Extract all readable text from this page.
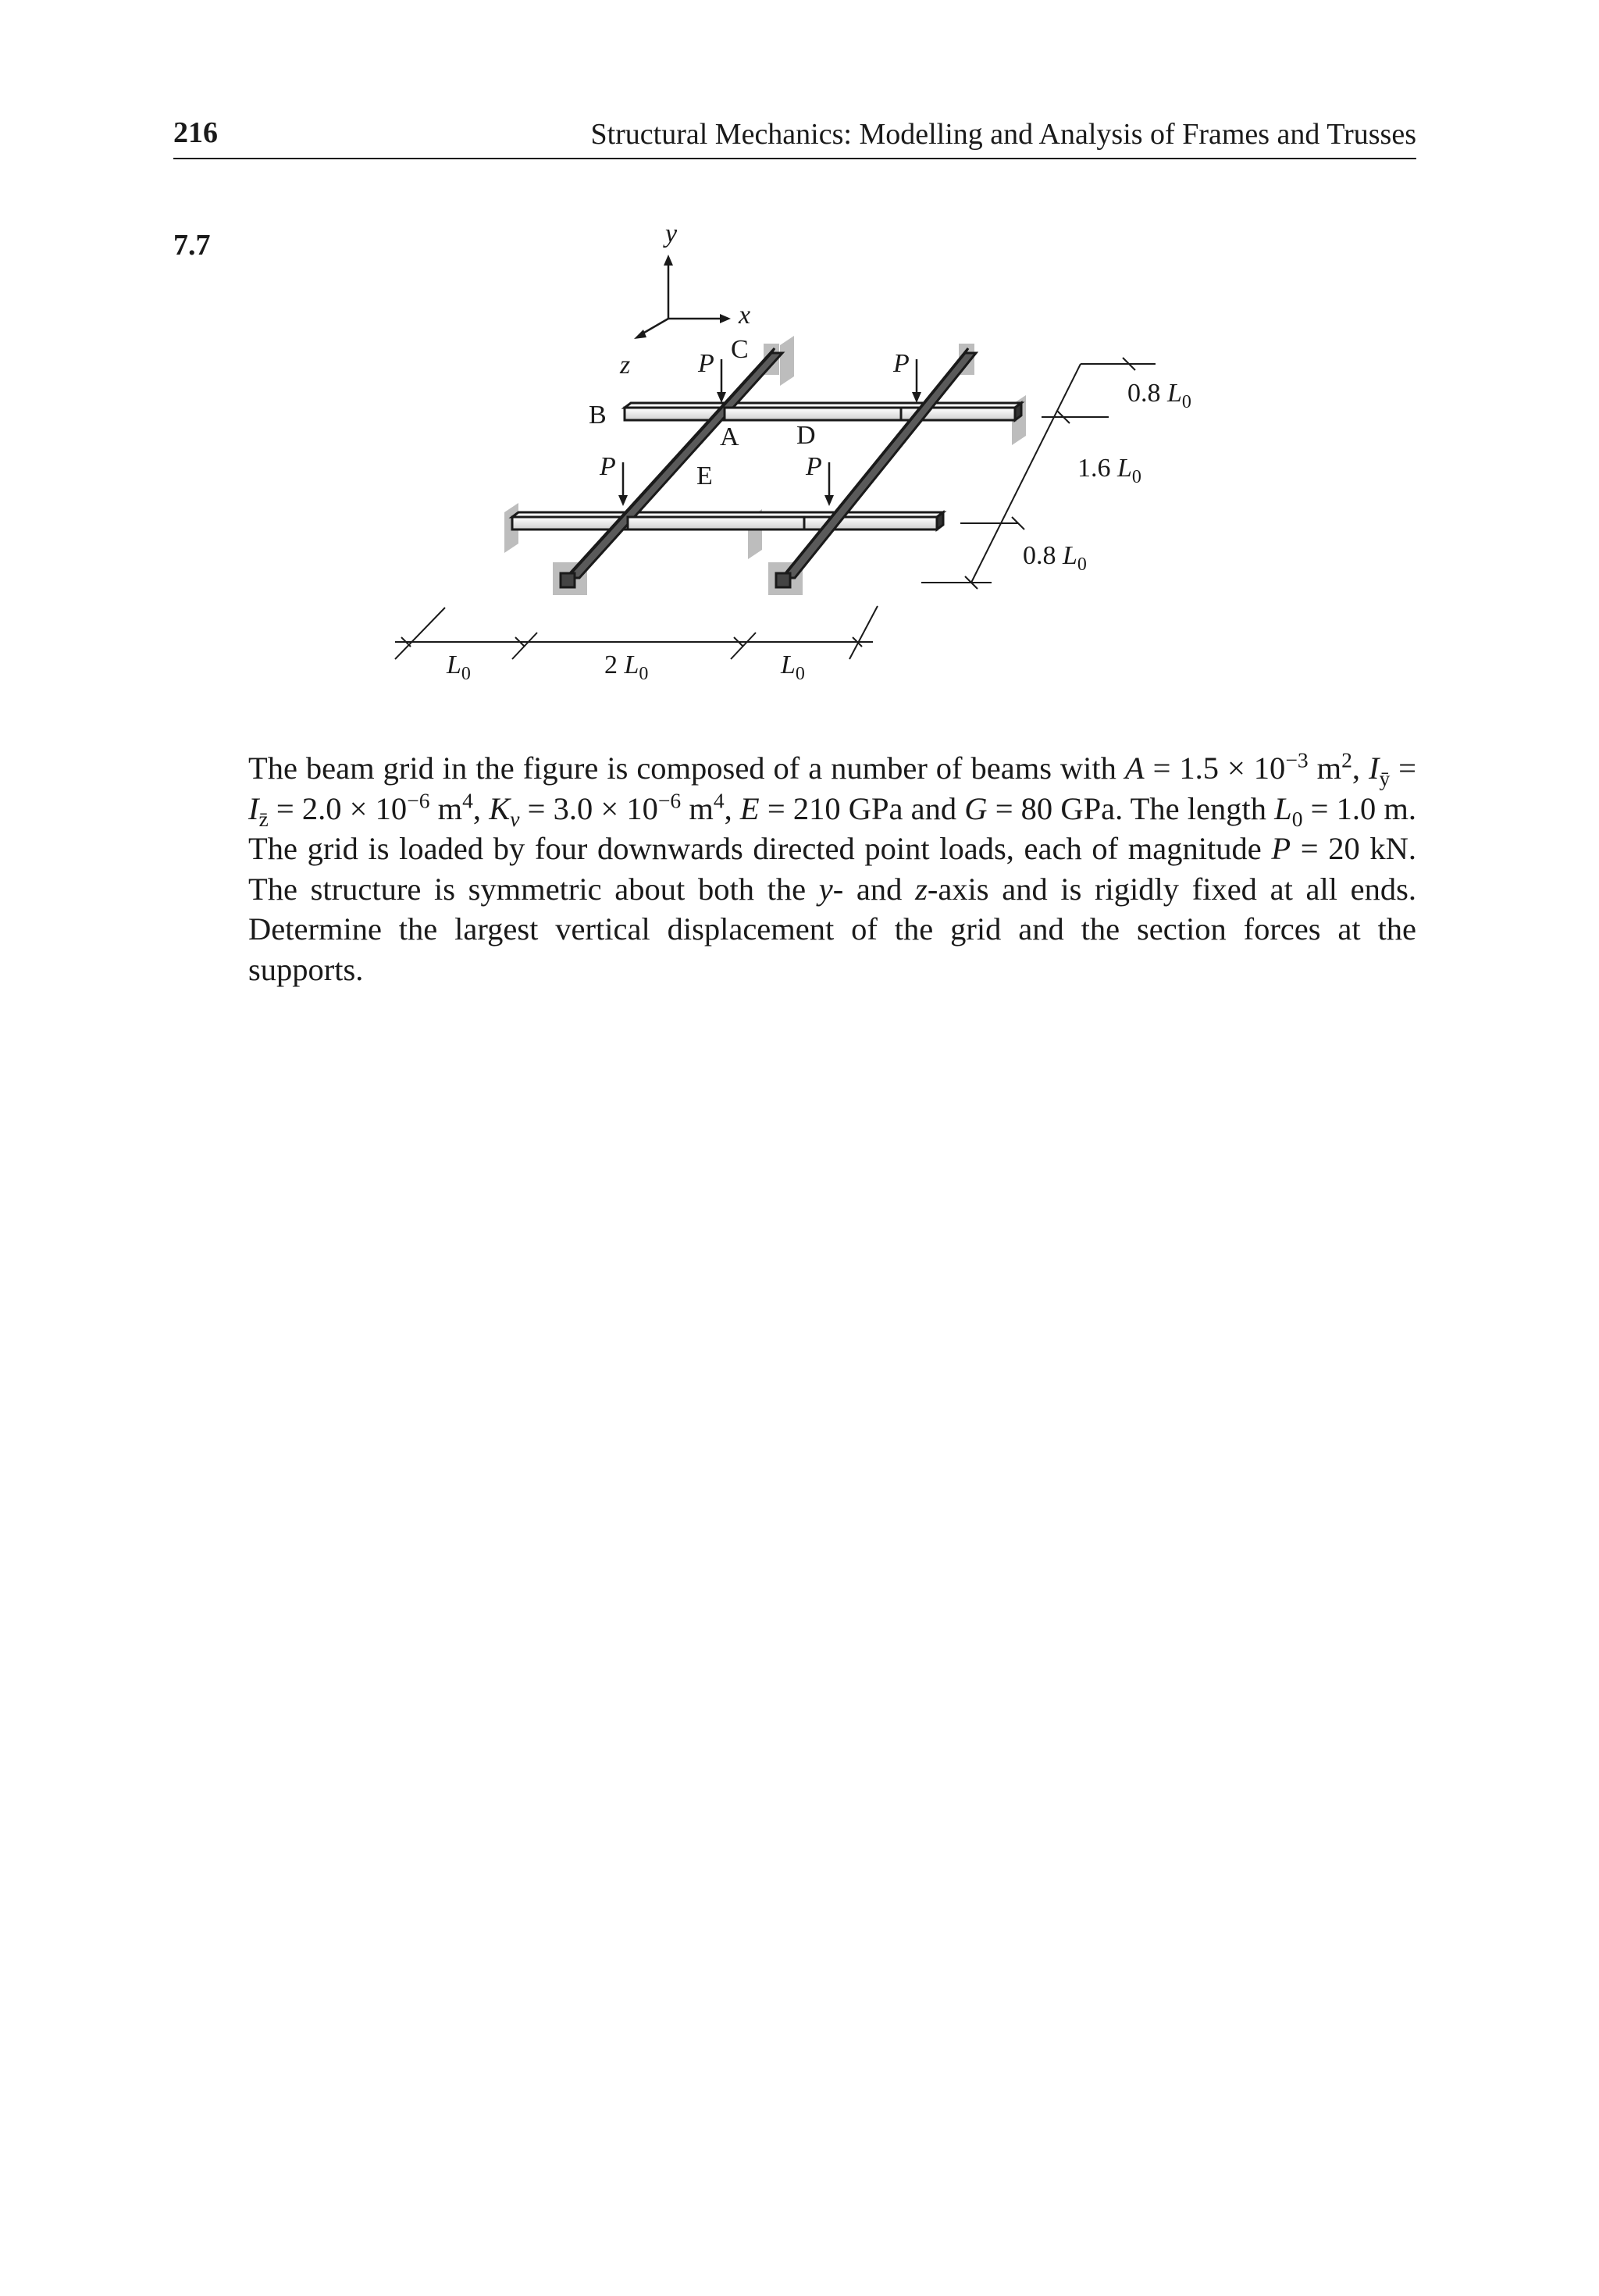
216	Structural Mechanics: Modelling and Analysis of Frames and Trusses
7.7	y
x
z	P	P
P	P
A
B
C
D
E
$L_0$	2 $L_0$	$L_0$
0.8 $L_0$
1.6 $L_0$
0.8 $L_0$
The beam grid in the figure is composed of a number of beams with $A = 1.5 \times 10^{-3}$ $m^2$, $I_ȳ = I_{z̄} = 2.0 \times 10^{-6}$ $m^4$, $K_v = 3.0 \times 10^{-6}$ $m^4$, E = 210 GPa and G = 80 GPa. The length $L_0 = 1.0$ m. The grid is loaded by four downwards directed point loads, each of magnitude P = 20 kN. The structure is symmetric about both the y- and z-axis and is rigidly fixed at all ends. Determine the largest vertical displacement of the grid and the section forces at the supports.
